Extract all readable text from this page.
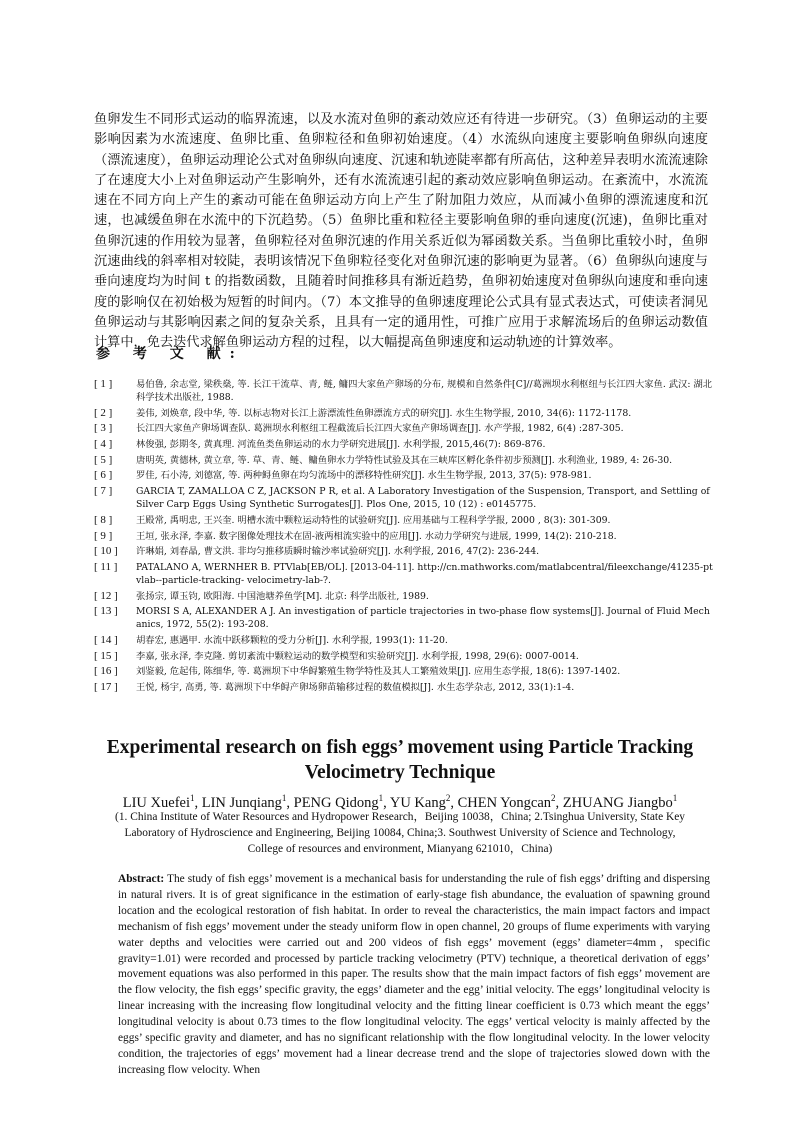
鱼卵发生不同形式运动的临界流速，以及水流对鱼卵的紊动效应还有待进一步研究。（3）鱼卵运动的主要影响因素为水流速度、鱼卵比重、鱼卵粒径和鱼卵初始速度。（4）水流纵向速度主要影响鱼卵纵向速度（漂流速度），鱼卵运动理论公式对鱼卵纵向速度、沉速和轨迹陡率都有所高估，这种差异表明水流流速除了在速度大小上对鱼卵运动产生影响外，还有水流流速引起的紊动效应影响鱼卵运动。在紊流中，水流流速在不同方向上产生的紊动可能在鱼卵运动方向上产生了附加阻力效应，从而减小鱼卵的漂流速度和沉速，也减缓鱼卵在水流中的下沉趋势。（5）鱼卵比重和粒径主要影响鱼卵的垂向速度(沉速)，鱼卵比重对鱼卵沉速的作用较为显著，鱼卵粒径对鱼卵沉速的作用关系近似为幂函数关系。当鱼卵比重较小时，鱼卵沉速曲线的斜率相对较陡，表明该情况下鱼卵粒径变化对鱼卵沉速的影响更为显著。（6）鱼卵纵向速度与垂向速度均为时间 t 的指数函数，且随着时间推移具有渐近趋势，鱼卵初始速度对鱼卵纵向速度和垂向速度的影响仅在初始极为短暂的时间内。（7）本文推导的鱼卵速度理论公式具有显式表达式，可使读者洞见鱼卵运动与其影响因素之间的复杂关系，且具有一定的通用性，可推广应用于求解流场后的鱼卵运动数值计算中，免去迭代求解鱼卵运动方程的过程，以大幅提高鱼卵速度和运动轨迹的计算效率。

参 考 文 献:
[ 1 ]	易伯鲁, 余志堂, 梁秩燊, 等. 长江干流草、青, 鲢, 鳙四大家鱼产卵场的分布, 规模和自然条件[C]//葛洲坝水利枢纽与长江四大家鱼. 武汉: 湖北科学技术出版社, 1988.
[ 2 ]	姜伟, 刘焕章, 段中华, 等. 以标志物对长江上游漂流性鱼卵漂流方式的研究[J]. 水生生物学报, 2010, 34(6): 1172-1178.
[ 3 ]	长江四大家鱼产卵场调查队. 葛洲坝水利枢纽工程截流后长江四大家鱼产卵场调查[J]. 水产学报, 1982, 6(4) :287-305.
[ 4 ]	林俊强, 彭期冬, 黄真理. 河流鱼类鱼卵运动的水力学研究进展[J]. 水利学报, 2015,46(7): 869-876.
[ 5 ]	唐明英, 黄德林, 黄立章, 等. 草、青、鲢、鳙鱼卵水力学特性试验及其在三峡库区孵化条件初步预测[J]. 水利渔业, 1989, 4: 26-30.
[ 6 ]	罗佳, 石小涛, 刘德富, 等. 两种鲟鱼卵在均匀流场中的漂移特性研究[J]. 水生生物学报, 2013, 37(5): 978-981.
[ 7 ]	GARCIA T, ZAMALLOA C Z, JACKSON P R, et al. A Laboratory Investigation of the Suspension, Transport, and Settling of Silver Carp Eggs Using Synthetic Surrogates[J]. Plos One, 2015, 10 (12) : e0145775.
[ 8 ]	王殿常, 禹明忠, 王兴奎. 明槽水流中颗粒运动特性的试验研究[J]. 应用基础与工程科学学报, 2000 , 8(3): 301-309.
[ 9 ]	王垣, 张永泽, 李嘉. 数字图像处理技术在固-液两相流实验中的应用[J]. 水动力学研究与进展, 1999, 14(2): 210-218.
[ 10 ]	许琳娟, 刘春晶, 曹文洪. 非均匀推移质瞬时输沙率试验研究[J]. 水利学报, 2016, 47(2): 236-244.
[ 11 ]	PATALANO A, WERNHER B. PTVlab[EB/OL]. [2013-04-11]. http://cn.mathworks.com/matlabcentral/fileexchange/41235-ptvlab--particle-tracking- velocimetry-lab-?.
[ 12 ]	张扬宗, 谭玉钧, 欧阳海. 中国池塘养鱼学[M]. 北京: 科学出版社, 1989.
[ 13 ]	MORSI S A, ALEXANDER A J. An investigation of particle trajectories in two-phase flow systems[J]. Journal of Fluid Mechanics, 1972, 55(2): 193-208.
[ 14 ]	胡春宏, 惠遇甲. 水流中跃移颗粒的受力分析[J]. 水利学报, 1993(1): 11-20.
[ 15 ]	李嘉, 张永泽, 李克隆. 剪切紊流中颗粒运动的数学模型和实验研究[J]. 水利学报, 1998, 29(6): 0007-0014.
[ 16 ]	刘鉴毅, 危起伟, 陈细华, 等. 葛洲坝下中华鲟繁殖生物学特性及其人工繁殖效果[J]. 应用生态学报, 18(6): 1397-1402.
[ 17 ]	王悦, 杨宇, 高勇, 等. 葛洲坝下中华鲟产卵场卵苗输移过程的数值模拟[J]. 水生态学杂志, 2012, 33(1):1-4.
Experimental research on fish eggs’ movement using Particle Tracking Velocimetry Technique

LIU Xuefei$^1$, LIN Junqiang$^1$, PENG Qidong$^1$, YU Kang$^2$, CHEN Yongcan$^2$, ZHUANG Jiangbo$^1$

(1. China Institute of Water Resources and Hydropower Research，Beijing 10038，China; 2.Tsinghua University, State Key Laboratory of Hydroscience and Engineering, Beijing 10084, China;3. Southwest University of Science and Technology, College of resources and environment, Mianyang 621010，China)

Abstract: The study of fish eggs’ movement is a mechanical basis for understanding the rule of fish eggs’ drifting and dispersing in natural rivers. It is of great significance in the estimation of early-stage fish abundance, the evaluation of spawning ground location and the ecological restoration of fish habitat. In order to reveal the characteristics, the main impact factors and impact mechanism of fish eggs’ movement under the steady uniform flow in open channel, 20 groups of flume experiments with varying water depths and velocities were carried out and 200 videos of fish eggs’ movement (eggs’ diameter=4mm，specific gravity=1.01) were recorded and processed by particle tracking velocimetry (PTV) technique, a theoretical derivation of eggs’ movement equations was also performed in this paper. The results show that the main impact factors of fish eggs’ movement are the flow velocity, the fish eggs’ specific gravity, the eggs’ diameter and the egg’ initial velocity. The eggs’ longitudinal velocity is linear increasing with the increasing flow longitudinal velocity and the fitting linear coefficient is 0.73 which meant the eggs’ longitudinal velocity is about 0.73 times to the flow longitudinal velocity. The eggs’ vertical velocity is mainly affected by the eggs’ specific gravity and diameter, and has no significant relationship with the flow longitudinal velocity. In the lower velocity condition, the trajectories of eggs’ movement had a linear decrease trend and the slope of trajectories slowed down with the increasing flow velocity. When
